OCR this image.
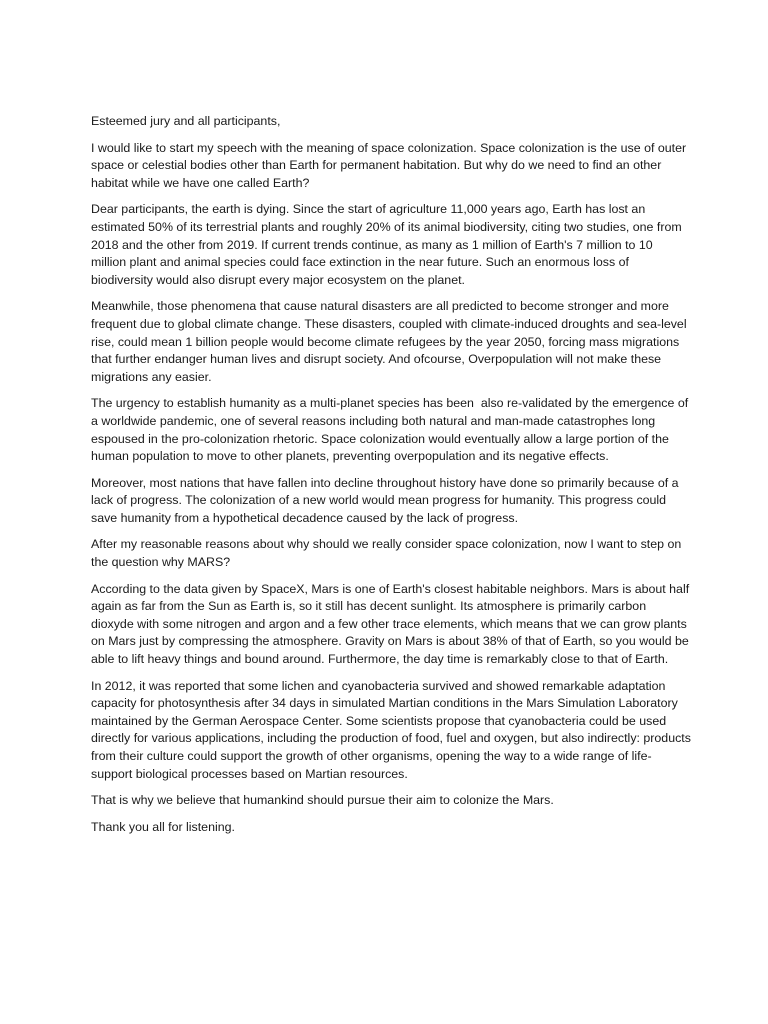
Esteemed jury and all participants,

I would like to start my speech with the meaning of space colonization. Space colonization is the use of outer space or celestial bodies other than Earth for permanent habitation. But why do we need to find an other habitat while we have one called Earth?

Dear participants, the earth is dying. Since the start of agriculture 11,000 years ago, Earth has lost an estimated 50% of its terrestrial plants and roughly 20% of its animal biodiversity, citing two studies, one from 2018 and the other from 2019. If current trends continue, as many as 1 million of Earth's 7 million to 10 million plant and animal species could face extinction in the near future. Such an enormous loss of biodiversity would also disrupt every major ecosystem on the planet.

Meanwhile, those phenomena that cause natural disasters are all predicted to become stronger and more frequent due to global climate change. These disasters, coupled with climate-induced droughts and sea-level rise, could mean 1 billion people would become climate refugees by the year 2050, forcing mass migrations that further endanger human lives and disrupt society. And ofcourse, Overpopulation will not make these migrations any easier.

The urgency to establish humanity as a multi-planet species has been  also re-validated by the emergence of a worldwide pandemic, one of several reasons including both natural and man-made catastrophes long espoused in the pro-colonization rhetoric. Space colonization would eventually allow a large portion of the human population to move to other planets, preventing overpopulation and its negative effects.

Moreover, most nations that have fallen into decline throughout history have done so primarily because of a lack of progress. The colonization of a new world would mean progress for humanity. This progress could save humanity from a hypothetical decadence caused by the lack of progress.

After my reasonable reasons about why should we really consider space colonization, now I want to step on the question why MARS?

According to the data given by SpaceX, Mars is one of Earth's closest habitable neighbors. Mars is about half again as far from the Sun as Earth is, so it still has decent sunlight. Its atmosphere is primarily carbon dioxyde with some nitrogen and argon and a few other trace elements, which means that we can grow plants on Mars just by compressing the atmosphere. Gravity on Mars is about 38% of that of Earth, so you would be able to lift heavy things and bound around. Furthermore, the day time is remarkably close to that of Earth.

In 2012, it was reported that some lichen and cyanobacteria survived and showed remarkable adaptation capacity for photosynthesis after 34 days in simulated Martian conditions in the Mars Simulation Laboratory maintained by the German Aerospace Center. Some scientists propose that cyanobacteria could be used directly for various applications, including the production of food, fuel and oxygen, but also indirectly: products from their culture could support the growth of other organisms, opening the way to a wide range of life-support biological processes based on Martian resources.

That is why we believe that humankind should pursue their aim to colonize the Mars.

Thank you all for listening.
